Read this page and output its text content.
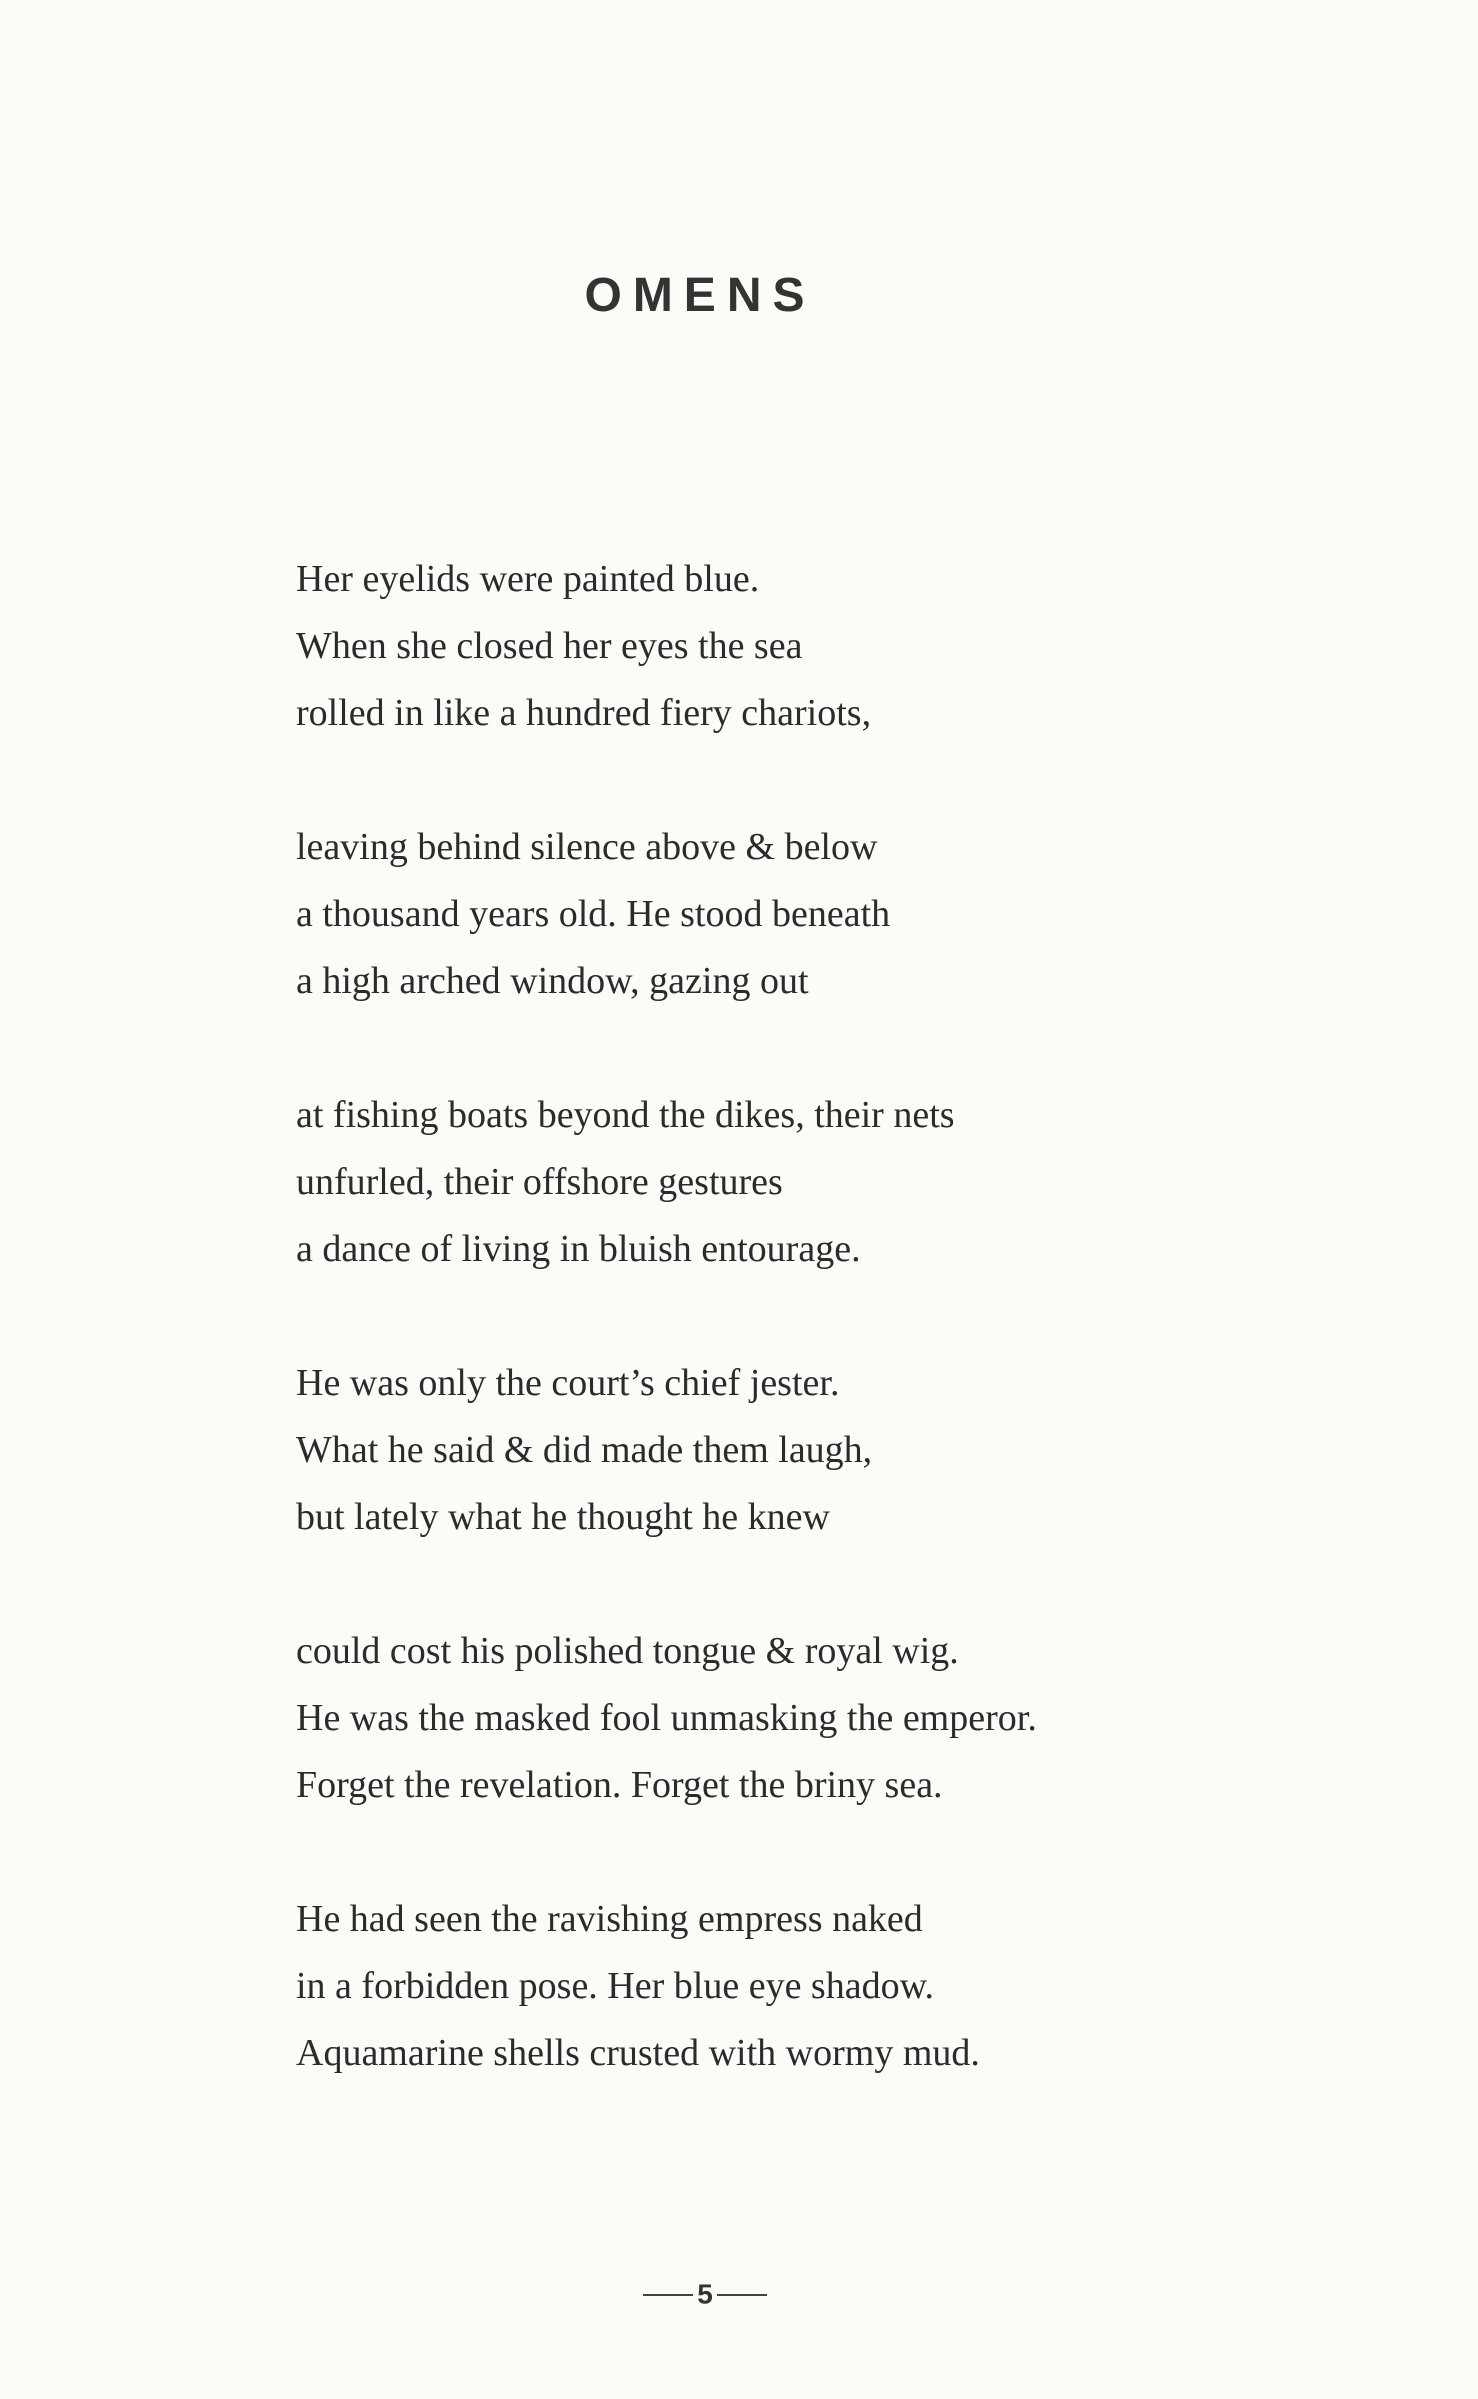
OMENS
Her eyelids were painted blue.
When she closed her eyes the sea
rolled in like a hundred fiery chariots,
leaving behind silence above & below
a thousand years old. He stood beneath
a high arched window, gazing out
at fishing boats beyond the dikes, their nets
unfurled, their offshore gestures
a dance of living in bluish entourage.
He was only the court’s chief jester.
What he said & did made them laugh,
but lately what he thought he knew
could cost his polished tongue & royal wig.
He was the masked fool unmasking the emperor.
Forget the revelation. Forget the briny sea.
He had seen the ravishing empress naked
in a forbidden pose. Her blue eye shadow.
Aquamarine shells crusted with wormy mud.
5
